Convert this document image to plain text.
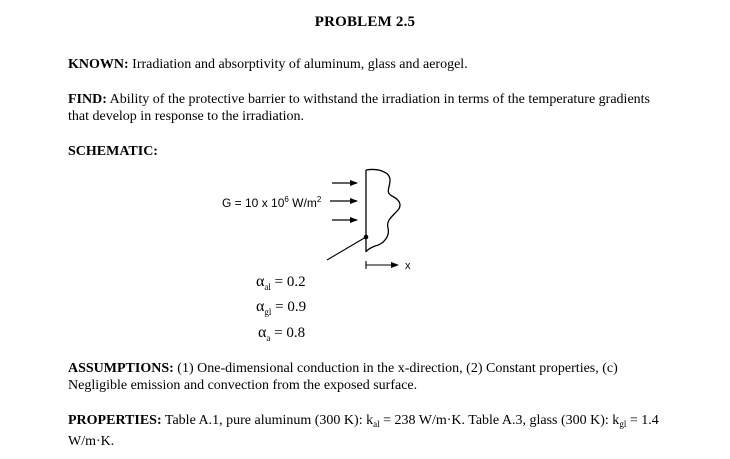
PROBLEM 2.5
KNOWN: Irradiation and absorptivity of aluminum, glass and aerogel.
FIND: Ability of the protective barrier to withstand the irradiation in terms of the temperature gradients that develop in response to the irradiation.
SCHEMATIC:
G = 10 x $10^6$ $W/m^2$
x
$\alpha_{al} = 0.2$
$\alpha_{gl} = 0.9$
$\alpha_a = 0.8$
ASSUMPTIONS: (1) One-dimensional conduction in the x-direction, (2) Constant properties, (c) Negligible emission and convection from the exposed surface.
PROPERTIES: Table A.1, pure aluminum (300 K): $k_{al} = 238$ W/m·K. Table A.3, glass (300 K): $k_{gl} = 1.4$ W/m·K.
